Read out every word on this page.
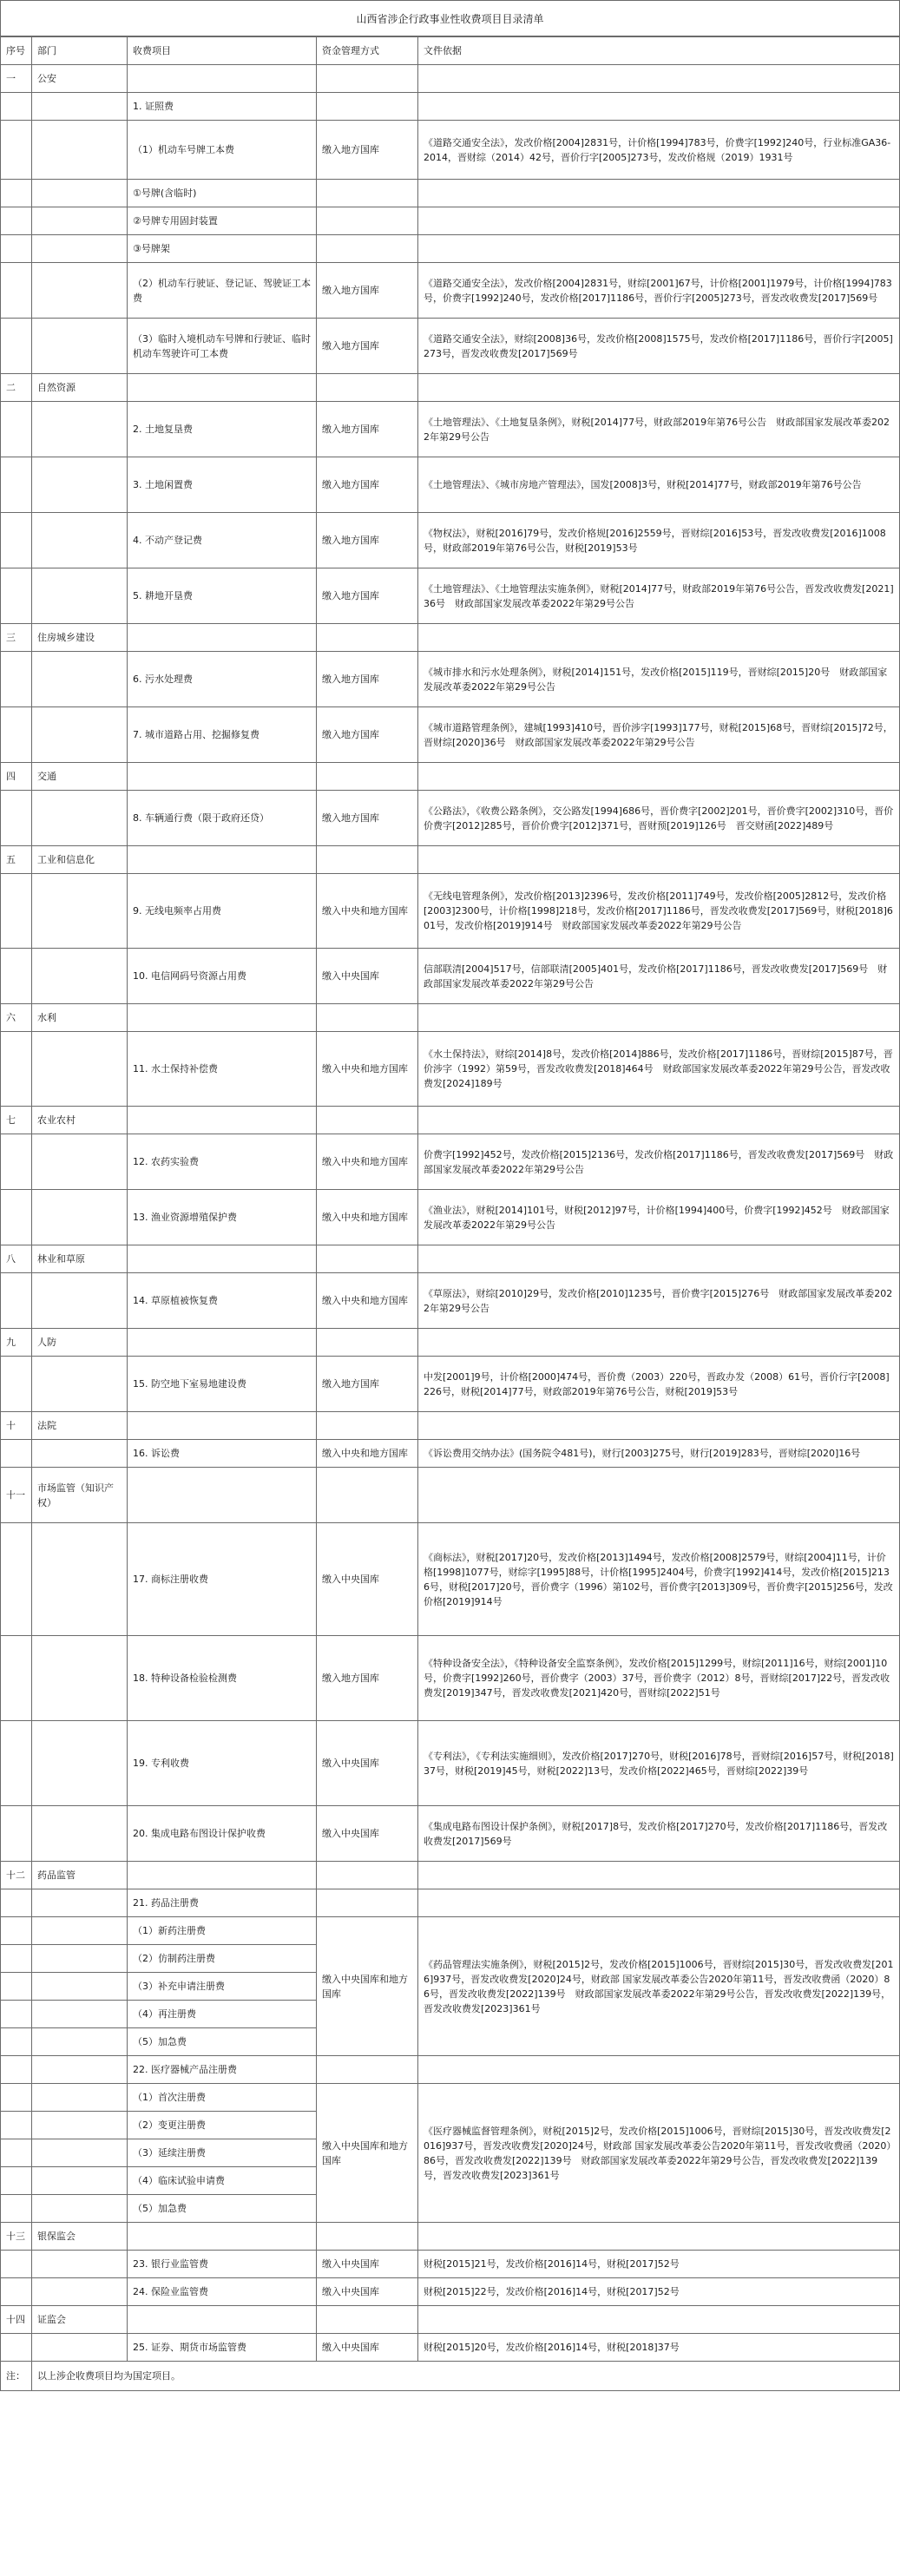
山西省涉企行政事业性收费项目目录清单
序号	部门	收费项目	资金管理方式	文件依据
一	公安			
		1. 证照费		
		（1）机动车号牌工本费	缴入地方国库	《道路交通安全法》，发改价格[2004]2831号，计价格[1994]783号，价费字[1992]240号，行业标准GA36-2014，晋财综（2014）42号，晋价行字[2005]273号，发改价格规（2019）1931号
		①号牌(含临时)		
		②号牌专用固封装置		
		③号牌架		
		（2）机动车行驶证、登记证、驾驶证工本费	缴入地方国库	《道路交通安全法》，发改价格[2004]2831号，财综[2001]67号，计价格[2001]1979号，计价格[1994]783号，价费字[1992]240号，发改价格[2017]1186号，晋价行字[2005]273号，晋发改收费发[2017]569号
		（3）临时入境机动车号牌和行驶证、临时机动车驾驶许可工本费	缴入地方国库	《道路交通安全法》，财综[2008]36号，发改价格[2008]1575号，发改价格[2017]1186号，晋价行字[2005]273号，晋发改收费发[2017]569号
二	自然资源			
		2. 土地复垦费	缴入地方国库	《土地管理法》、《土地复垦条例》，财税[2014]77号，财政部2019年第76号公告　财政部国家发展改革委2022年第29号公告
		3. 土地闲置费	缴入地方国库	《土地管理法》、《城市房地产管理法》，国发[2008]3号，财税[2014]77号，财政部2019年第76号公告
		4. 不动产登记费	缴入地方国库	《物权法》，财税[2016]79号，发改价格规[2016]2559号，晋财综[2016]53号，晋发改收费发[2016]1008号，财政部2019年第76号公告，财税[2019]53号
		5. 耕地开垦费	缴入地方国库	《土地管理法》、《土地管理法实施条例》，财税[2014]77号，财政部2019年第76号公告，晋发改收费发[2021]36号　财政部国家发展改革委2022年第29号公告
三	住房城乡建设			
		6. 污水处理费	缴入地方国库	《城市排水和污水处理条例》，财税[2014]151号，发改价格[2015]119号，晋财综[2015]20号　财政部国家发展改革委2022年第29号公告
		7. 城市道路占用、挖掘修复费	缴入地方国库	《城市道路管理条例》，建城[1993]410号，晋价涉字[1993]177号，财税[2015]68号，晋财综[2015]72号，晋财综[2020]36号　财政部国家发展改革委2022年第29号公告
四	交通			
		8. 车辆通行费（限于政府还贷）	缴入地方国库	《公路法》，《收费公路条例》，交公路发[1994]686号，晋价费字[2002]201号，晋价费字[2002]310号，晋价价费字[2012]285号，晋价价费字[2012]371号，晋财预[2019]126号　晋交财函[2022]489号
五	工业和信息化			
		9. 无线电频率占用费	缴入中央和地方国库	《无线电管理条例》，发改价格[2013]2396号，发改价格[2011]749号，发改价格[2005]2812号，发改价格[2003]2300号，计价格[1998]218号，发改价格[2017]1186号，晋发改收费发[2017]569号，财税[2018]601号，发改价格[2019]914号　财政部国家发展改革委2022年第29号公告
		10. 电信网码号资源占用费	缴入中央国库	信部联清[2004]517号，信部联清[2005]401号，发改价格[2017]1186号，晋发改收费发[2017]569号　财政部国家发展改革委2022年第29号公告
六	水利			
		11. 水土保持补偿费	缴入中央和地方国库	《水土保持法》，财综[2014]8号，发改价格[2014]886号，发改价格[2017]1186号，晋财综[2015]87号，晋价涉字（1992）第59号，晋发改收费发[2018]464号　财政部国家发展改革委2022年第29号公告，晋发改收费发[2024]189号
七	农业农村			
		12. 农药实验费	缴入中央和地方国库	价费字[1992]452号，发改价格[2015]2136号，发改价格[2017]1186号，晋发改收费发[2017]569号　财政部国家发展改革委2022年第29号公告
		13. 渔业资源增殖保护费	缴入中央和地方国库	《渔业法》，财税[2014]101号，财税[2012]97号，计价格[1994]400号，价费字[1992]452号　财政部国家发展改革委2022年第29号公告
八	林业和草原			
		14. 草原植被恢复费	缴入中央和地方国库	《草原法》，财综[2010]29号，发改价格[2010]1235号，晋价费字[2015]276号　财政部国家发展改革委2022年第29号公告
九	人防			
		15. 防空地下室易地建设费	缴入地方国库	中发[2001]9号，计价格[2000]474号，晋价费（2003）220号，晋政办发（2008）61号，晋价行字[2008]226号，财税[2014]77号，财政部2019年第76号公告，财税[2019]53号
十	法院			
		16. 诉讼费	缴入中央和地方国库	《诉讼费用交纳办法》(国务院令481号)，财行[2003]275号，财行[2019]283号，晋财综[2020]16号
十一	市场监管（知识产权）			
		17. 商标注册收费	缴入中央国库	《商标法》，财税[2017]20号，发改价格[2013]1494号，发改价格[2008]2579号，财综[2004]11号，计价格[1998]1077号，财综字[1995]88号，计价格[1995]2404号，价费字[1992]414号，发改价格[2015]2136号，财税[2017]20号，晋价费字（1996）第102号，晋价费字[2013]309号，晋价费字[2015]256号，发改价格[2019]914号
		18. 特种设备检验检测费	缴入地方国库	《特种设备安全法》，《特种设备安全监察条例》，发改价格[2015]1299号，财综[2011]16号，财综[2001]10号，价费字[1992]260号，晋价费字（2003）37号，晋价费字（2012）8号，晋财综[2017]22号，晋发改收费发[2019]347号，晋发改收费发[2021]420号，晋财综[2022]51号
		19. 专利收费	缴入中央国库	《专利法》，《专利法实施细则》，发改价格[2017]270号，财税[2016]78号，晋财综[2016]57号，财税[2018]37号，财税[2019]45号，财税[2022]13号，发改价格[2022]465号，晋财综[2022]39号
		20. 集成电路布图设计保护收费	缴入中央国库	《集成电路布图设计保护条例》，财税[2017]8号，发改价格[2017]270号，发改价格[2017]1186号，晋发改收费发[2017]569号
十二	药品监管			
		21. 药品注册费		
		（1）新药注册费	缴入中央国库和地方国库	《药品管理法实施条例》，财税[2015]2号，发改价格[2015]1006号，晋财综[2015]30号，晋发改收费发[2016]937号，晋发改收费发[2020]24号，财政部 国家发展改革委公告2020年第11号，晋发改收费函（2020）86号，晋发改收费发[2022]139号　财政部国家发展改革委2022年第29号公告，晋发改收费发[2022]139号，晋发改收费发[2023]361号
		（2）仿制药注册费		
		（3）补充申请注册费		
		（4）再注册费		
		（5）加急费		
		22. 医疗器械产品注册费		
		（1）首次注册费	缴入中央国库和地方国库	《医疗器械监督管理条例》，财税[2015]2号，发改价格[2015]1006号，晋财综[2015]30号，晋发改收费发[2016]937号，晋发改收费发[2020]24号，财政部 国家发展改革委公告2020年第11号，晋发改收费函（2020）86号，晋发改收费发[2022]139号　财政部国家发展改革委2022年第29号公告，晋发改收费发[2022]139号，晋发改收费发[2023]361号
		（2）变更注册费		
		（3）延续注册费		
		（4）临床试验申请费		
		（5）加急费		
十三	银保监会			
		23. 银行业监管费	缴入中央国库	财税[2015]21号，发改价格[2016]14号，财税[2017]52号
		24. 保险业监管费	缴入中央国库	财税[2015]22号，发改价格[2016]14号，财税[2017]52号
十四	证监会			
		25. 证券、期货市场监管费	缴入中央国库	财税[2015]20号，发改价格[2016]14号，财税[2018]37号
注：	以上涉企收费项目均为国定项目。			
